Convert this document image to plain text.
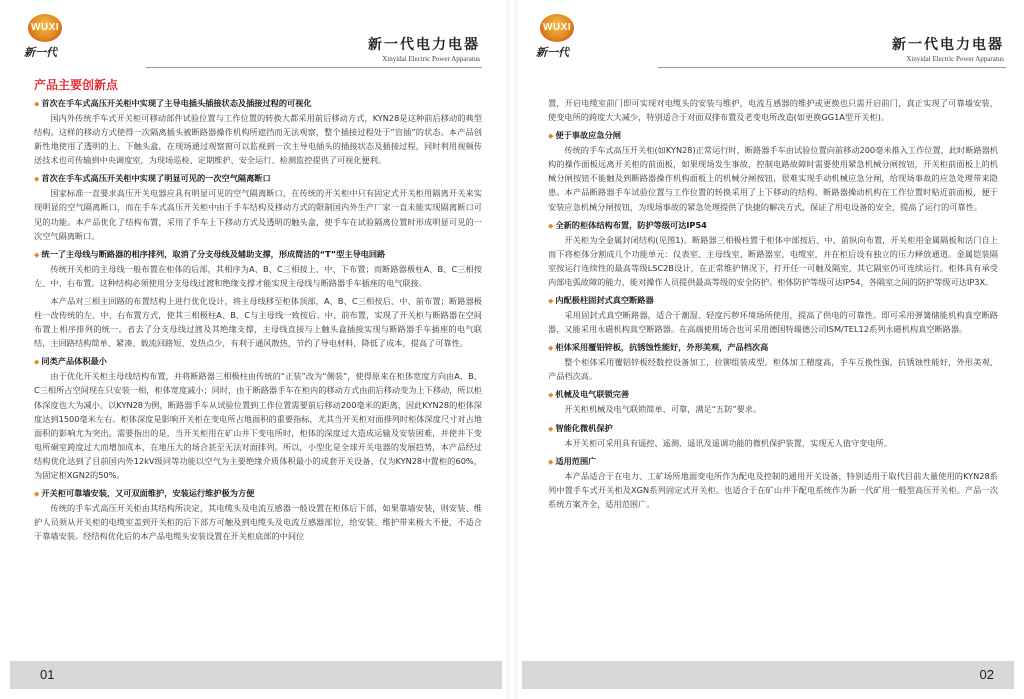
WUXI
新一代	新一代电力电器
Xinyidai Electric Power Apparatus
产品主要创新点
◆ 首次在手车式高压开关柜中实现了主导电插头插接状态及插接过程的可视化
国内外传统手车式开关柜可移动部件试验位置与工作位置的转换大都采用前后移动方式，KYN28是这种前后移动的典型结构。这样的移动方式使得一次隔离插头被断路器操作机构所遮挡而无法观察，整个插接过程处于“盲插”的状态。本产品创新性地使用了透明的上、下触头盒，在现场通过观察窗可以监视到一次主导电插头的插接状态及插接过程，同时利用视频传送技术也可传输到中央调度室，为现场巡检、定期维护、安全运行、检测监控提供了可视化便利。
◆ 首次在手车式高压开关柜中实现了明显可见的一次空气隔离断口
国家标准一直要求高压开关电器应具有明显可见的空气隔离断口，在传统的开关柜中只有固定式开关柜用隔离开关来实现明显的空气隔离断口，而在手车式高压开关柜中由于手车结构及移动方式的限制国内外生产厂家一直未能实现隔离断口可见的功能。本产品优化了结构布置，采用了手车上下移动方式及透明的触头盒，使手车在试验隔离位置时形成明显可见的一次空气隔离断口。
◆ 统一了主母线与断路器的相序排列，取消了分支母线及辅助支撑，形成简洁的“T”型主导电回路
传统开关柜的主母线一般布置在柜体的后部，其相序为A、B、C三相按上、中、下布置；而断路器极柱A、B、C三相按左、中、右布置。这种结构必须使用分支母线过渡和绝缘支撑才能实现主母线与断路器手车插座的电气联接。
本产品对三相主回路的布置结构上进行优化设计，将主母线移至柜体顶部，A、B、C三相按后、中、前布置；断路器极柱一改传统的左、中、右布置方式，使其三相极柱A、B、C与主母线一致按后、中、前布置，实现了开关柜与断路器在空间布置上相序排列的统一。省去了分支母线过渡及其绝缘支撑，主母线直接与上触头盒插接实现与断路器手车插座的电气联结，主回路结构简单、紧凑、载流回路短、发热点少，有利于通风散热，节约了导电材料，降低了成本，提高了可靠性。
◆ 同类产品体积最小
由于优化开关柜主母线结构布置，并将断路器三相极柱由传统的“正装”改为“侧装”，使得原来在柜体宽度方向由A、B、C三相所占空间现在只安装一相，柜体宽度减小；同时，由于断路器手车在柜内的移动方式由前后移动变为上下移动，所以柜体深度也大为减小。以KYN28为例，断路器手车从试验位置到工作位置需要前后移动200毫米的距离，因此KYN28的柜体深度达到1500毫米左右。柜体深度是影响开关柜在变电所占地面积的重要指标，尤其当开关柜对面排列时柜体深度尺寸对占地面积的影响尤为突出。需要指出的是，当开关柜用在矿山井下变电所时，柜体的深度过大造成运输及安装困难，并使井下变电所硐室跨度过大而增加成本，在地压大的场合甚至无法对面排列。所以，小型化是全球开关电器的发展趋势，本产品经过结构优化达到了目前国内外12kV级同等功能以空气为主要绝缘介质体积最小的成套开关设备，仅为KYN28中置柜的60%，为固定柜XGN2的50%。
◆ 开关柜可靠墙安装，又可双面维护，安装运行维护极为方便
传统的手车式高压开关柜由其结构所决定，其电缆头及电流互感器一般设置在柜体后下部，如果靠墙安装，则安装、维护人员须从开关柜的电缆室盖到开关柜的后下部方可触及到电缆头及电流互感器部位，给安装、维护带来极大不便，不适合于靠墙安装。经结构优化后的本产品电缆头安装设置在开关柜底部的中间位
01
WUXI
新一代	新一代电力电器
Xinyidai Electric Power Apparatus
置，开启电缆室前门即可实现对电缆头的安装与维护，电流互感器的维护或更换也只需开启前门，真正实现了可靠墙安装，使变电所的跨度大大减少，特别适合于对面双排布置及老变电所改造(如更换GG1A型开关柜)。
◆ 便于事故应急分闸
传统的手车式高压开关柜(如KYN28)正常运行时，断路器手车由试验位置向前移动200毫米推入工作位置，此时断路器机构的操作面板远离开关柜的前面板，如果现场发生事故，控制电路故障时需要使用紧急机械分闸按钮，开关柜前面板上的机械分闸按钮不能触及到断路器操作机构面板上的机械分闸按钮，很难实现手动机械应急分闸，给现场事故的应急处理带来隐患。本产品断路器手车试验位置与工作位置的转换采用了上下移动的结构，断路器操动机构在工作位置时贴近前面板，便于安装应急机械分闸按钮，为现场事故的紧急处理提供了快捷的解决方式，保证了用电设备的安全，提高了运行的可靠性。
◆ 全新的柜体结构布置，防护等级可达IP54
开关柜为全金属封闭结构(见图1)。断路器三相极柱置于柜体中部按后、中、前纵向布置，开关柜用金属隔板和活门自上而下将柜体分割成几个功能单元：仪表室、主母线室、断路器室、电缆室，并在柜后设有独立的压力释放通道。金属铠装隔室按运行连续性的最高等级LSC2B设计，在正常维护情况下，打开任一可触及隔室，其它隔室仍可连续运行。柜体具有承受内部电弧故障的能力，能对操作人员提供最高等级的安全防护。柜体防护等级可达IP54，各隔室之间的防护等级可达IP3X。
◆ 内配极柱固封式真空断路器
采用固封式真空断路器，适合于潮湿、轻度污秽环境场所使用，提高了供电的可靠性。即可采用弹簧储能机构真空断路器，又能采用永磁机构真空断路器。在高端使用场合也可采用德国特瑞德公司ISM/TEL12系列永磁机构真空断路器。
◆ 柜体采用覆铝锌板，抗锈蚀性能好，外形美观，产品档次高
整个柜体采用覆铝锌板经数控设备加工，拉铆组装成型，柜体加工精度高，手车互换性强，抗锈蚀性能好，外形美观，产品档次高。
◆ 机械及电气联锁完善
开关柜机械及电气联锁简单、可靠，满足“五防”要求。
◆ 智能化微机保护
本开关柜可采用具有遥控、遥测、遥讯及遥调功能的微机保护装置，实现无人值守变电所。
◆ 适用范围广
本产品适合于在电力、工矿场所地面变电所作为配电及控制的通用开关设备，特别适用于取代目前大量使用的KYN28系列中置手车式开关柜及XGN系列固定式开关柜。也适合于在矿山井下配电系统作为新一代矿用一般型高压开关柜。产品一次系统方案齐全，适用范围广。
02
